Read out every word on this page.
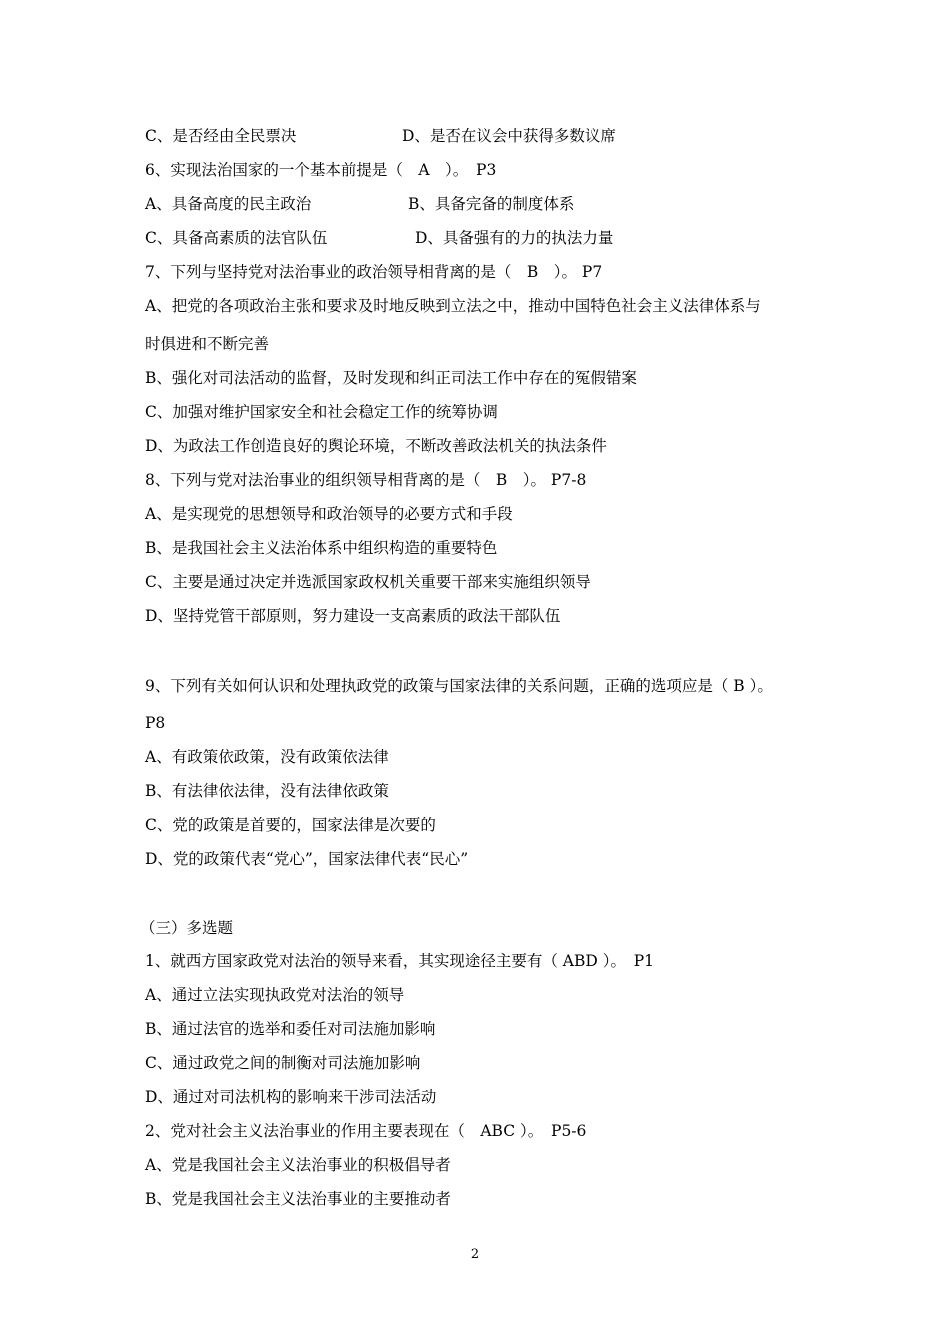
C、是否经由全民票决	D、是否在议会中获得多数议席
6、实现法治国家的一个基本前提是（　A　）。　P3
A、具备高度的民主政治	B、具备完备的制度体系
C、具备高素质的法官队伍	D、具备强有的力的执法力量
7、下列与坚持党对法治事业的政治领导相背离的是（　B　）。 P7
A、把党的各项政治主张和要求及时地反映到立法之中，推动中国特色社会主义法律体系与
时俱进和不断完善
B、强化对司法活动的监督，及时发现和纠正司法工作中存在的冤假错案
C、加强对维护国家安全和社会稳定工作的统筹协调
D、为政法工作创造良好的舆论环境，不断改善政法机关的执法条件
8、下列与党对法治事业的组织领导相背离的是（　B　）。 P7-8
A、是实现党的思想领导和政治领导的必要方式和手段
B、是我国社会主义法治体系中组织构造的重要特色
C、主要是通过决定并选派国家政权机关重要干部来实施组织领导
D、坚持党管干部原则，努力建设一支高素质的政法干部队伍
9、下列有关如何认识和处理执政党的政策与国家法律的关系问题，正确的选项应是（ B ）。
P8
A、有政策依政策，没有政策依法律
B、有法律依法律，没有法律依政策
C、党的政策是首要的，国家法律是次要的
D、党的政策代表“党心”，国家法律代表“民心”
（三）多选题
1、就西方国家政党对法治的领导来看，其实现途径主要有（ ABD ）。　P1
A、通过立法实现执政党对法治的领导
B、通过法官的选举和委任对司法施加影响
C、通过政党之间的制衡对司法施加影响
D、通过对司法机构的影响来干涉司法活动
2、党对社会主义法治事业的作用主要表现在（　ABC ）。　P5-6
A、党是我国社会主义法治事业的积极倡导者
B、党是我国社会主义法治事业的主要推动者
2
